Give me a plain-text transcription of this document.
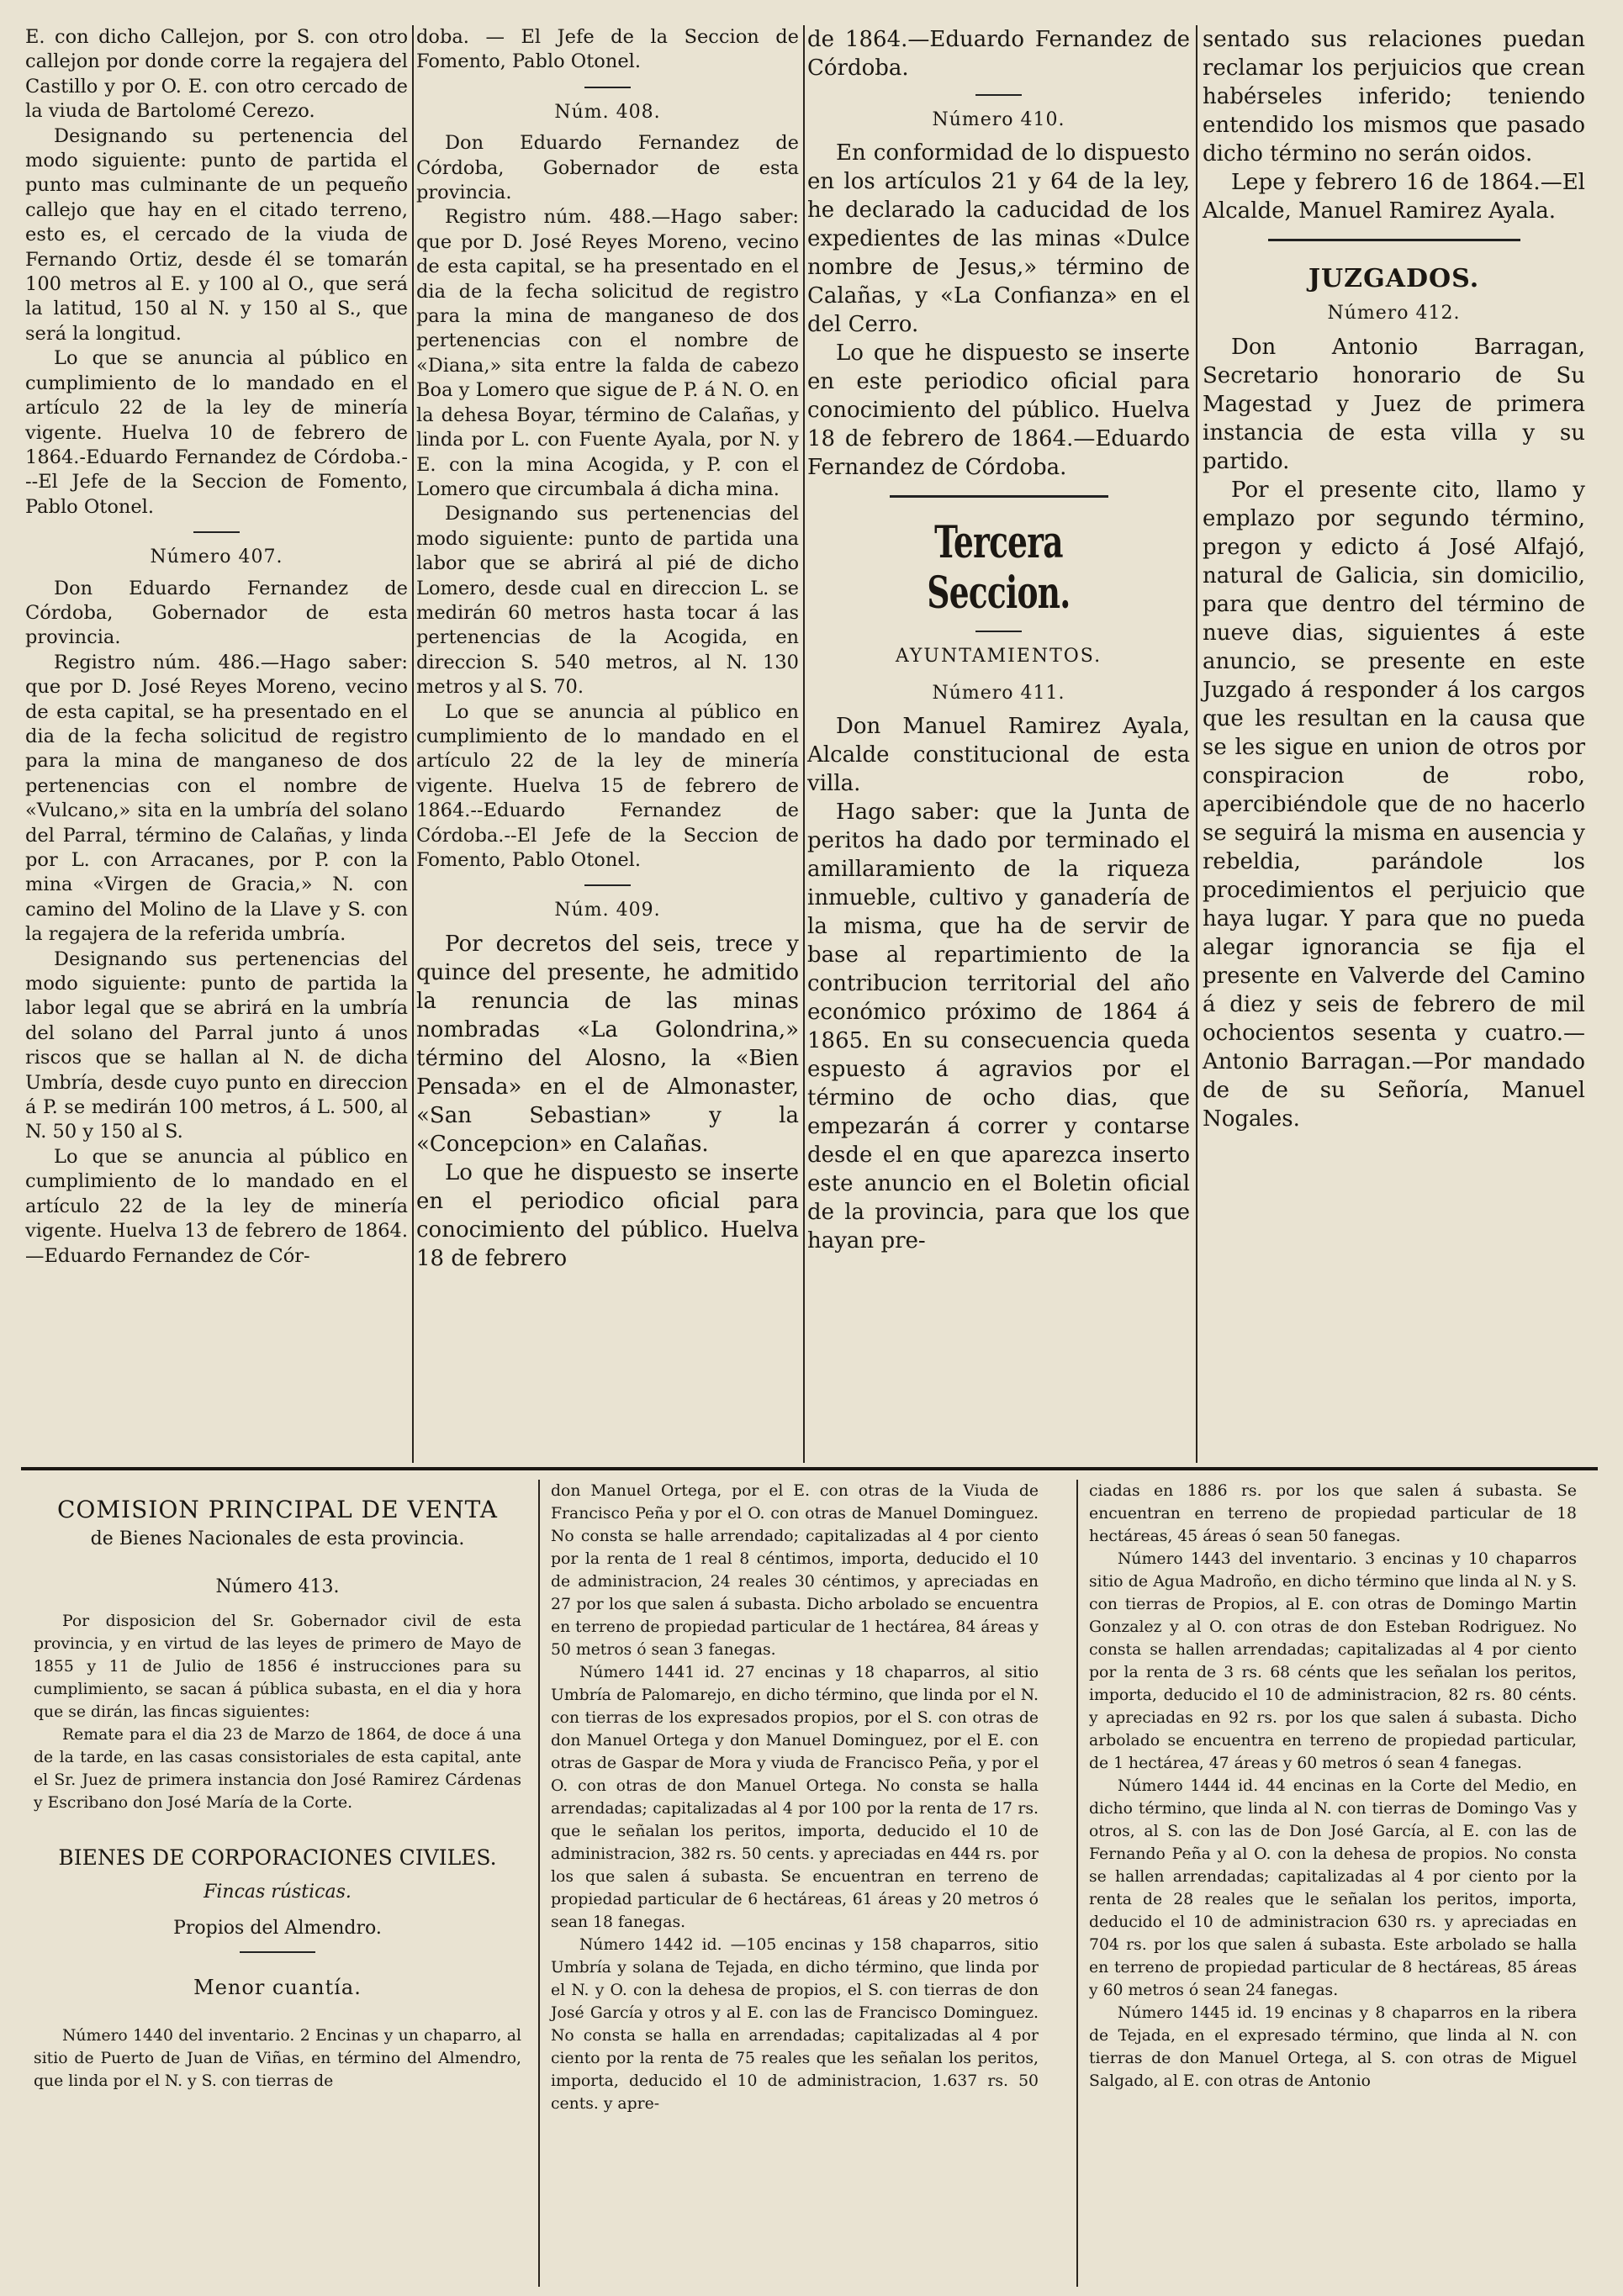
E. con dicho Callejon, por S. con otro callejon por donde corre la regajera del Castillo y por O. E. con otro cercado de la viuda de Bartolomé Cerezo.

Designando su pertenencia del modo siguiente: punto de partida el punto mas culminante de un pequeño callejo que hay en el citado terreno, esto es, el cercado de la viuda de Fernando Ortiz, desde él se tomarán 100 metros al E. y 100 al O., que será la latitud, 150 al N. y 150 al S., que será la longitud.

Lo que se anuncia al público en cumplimiento de lo mandado en el artículo 22 de la ley de minería vigente. Huelva 10 de febrero de 1864.-Eduardo Fernandez de Córdoba.---El Jefe de la Seccion de Fomento, Pablo Otonel.

Número 407.

Don Eduardo Fernandez de Córdoba, Gobernador de esta provincia.

Registro núm. 486.—Hago saber: que por D. José Reyes Moreno, vecino de esta capital, se ha presentado en el dia de la fecha solicitud de registro para la mina de manganeso de dos pertenencias con el nombre de «Vulcano,» sita en la umbría del solano del Parral, término de Calañas, y linda por L. con Arracanes, por P. con la mina «Virgen de Gracia,» N. con camino del Molino de la Llave y S. con la regajera de la referida umbría.

Designando sus pertenencias del modo siguiente: punto de partida la labor legal que se abrirá en la umbría del solano del Parral junto á unos riscos que se hallan al N. de dicha Umbría, desde cuyo punto en direccion á P. se medirán 100 metros, á L. 500, al N. 50 y 150 al S.

Lo que se anuncia al público en cumplimiento de lo mandado en el artículo 22 de la ley de minería vigente. Huelva 13 de febrero de 1864.—Eduardo Fernandez de Cór-

doba. — El Jefe de la Seccion de Fomento, Pablo Otonel.

Núm. 408.

Don Eduardo Fernandez de Córdoba, Gobernador de esta provincia.

Registro núm. 488.—Hago saber: que por D. José Reyes Moreno, vecino de esta capital, se ha presentado en el dia de la fecha solicitud de registro para la mina de manganeso de dos pertenencias con el nombre de «Diana,» sita entre la falda de cabezo Boa y Lomero que sigue de P. á N. O. en la dehesa Boyar, término de Calañas, y linda por L. con Fuente Ayala, por N. y E. con la mina Acogida, y P. con el Lomero que circumbala á dicha mina.

Designando sus pertenencias del modo siguiente: punto de partida una labor que se abrirá al pié de dicho Lomero, desde cual en direccion L. se medirán 60 metros hasta tocar á las pertenencias de la Acogida, en direccion S. 540 metros, al N. 130 metros y al S. 70.

Lo que se anuncia al público en cumplimiento de lo mandado en el artículo 22 de la ley de minería vigente. Huelva 15 de febrero de 1864.--Eduardo Fernandez de Córdoba.--El Jefe de la Seccion de Fomento, Pablo Otonel.

Núm. 409.

Por decretos del seis, trece y quince del presente, he admitido la renuncia de las minas nombradas «La Golondrina,» término del Alosno, la «Bien Pensada» en el de Almonaster, «San Sebastian» y la «Concepcion» en Calañas.

Lo que he dispuesto se inserte en el periodico oficial para conocimiento del público. Huelva 18 de febrero

de 1864.—Eduardo Fernandez de Córdoba.

Número 410.

En conformidad de lo dispuesto en los artículos 21 y 64 de la ley, he declarado la caducidad de los expedientes de las minas «Dulce nombre de Jesus,» término de Calañas, y «La Confianza» en el del Cerro.

Lo que he dispuesto se inserte en este periodico oficial para conocimiento del público. Huelva 18 de febrero de 1864.—Eduardo Fernandez de Córdoba.

Tercera Seccion.
AYUNTAMIENTOS.
Número 411.

Don Manuel Ramirez Ayala, Alcalde constitucional de esta villa.

Hago saber: que la Junta de peritos ha dado por terminado el amillaramiento de la riqueza inmueble, cultivo y ganadería de la misma, que ha de servir de base al repartimiento de la contribucion territorial del año económico próximo de 1864 á 1865. En su consecuencia queda espuesto á agravios por el término de ocho dias, que empezarán á correr y contarse desde el en que aparezca inserto este anuncio en el Boletin oficial de la provincia, para que los que hayan pre-

sentado sus relaciones puedan reclamar los perjuicios que crean habérseles inferido; teniendo entendido los mismos que pasado dicho término no serán oidos.

Lepe y febrero 16 de 1864.—El Alcalde, Manuel Ramirez Ayala.

JUZGADOS.
Número 412.

Don Antonio Barragan, Secretario honorario de Su Magestad y Juez de primera instancia de esta villa y su partido.

Por el presente cito, llamo y emplazo por segundo término, pregon y edicto á José Alfajó, natural de Galicia, sin domicilio, para que dentro del término de nueve dias, siguientes á este anuncio, se presente en este Juzgado á responder á los cargos que les resultan en la causa que se les sigue en union de otros por conspiracion de robo, apercibiéndole que de no hacerlo se seguirá la misma en ausencia y rebeldia, parándole los procedimientos el perjuicio que haya lugar. Y para que no pueda alegar ignorancia se fija el presente en Valverde del Camino á diez y seis de febrero de mil ochocientos sesenta y cuatro.—Antonio Barragan.—Por mandado de de su Señoría, Manuel Nogales.

COMISION PRINCIPAL DE VENTA
de Bienes Nacionales de esta provincia.
Número 413.

Por disposicion del Sr. Gobernador civil de esta provincia, y en virtud de las leyes de primero de Mayo de 1855 y 11 de Julio de 1856 é instrucciones para su cumplimiento, se sacan á pública subasta, en el dia y hora que se dirán, las fincas siguientes:

Remate para el dia 23 de Marzo de 1864, de doce á una de la tarde, en las casas consistoriales de esta capital, ante el Sr. Juez de primera instancia don José Ramirez Cárdenas y Escribano don José María de la Corte.

BIENES DE CORPORACIONES CIVILES.
Fincas rústicas.
Propios del Almendro.
Menor cuantía.

Número 1440 del inventario. 2 Encinas y un chaparro, al sitio de Puerto de Juan de Viñas, en término del Almendro, que linda por el N. y S. con tierras de

don Manuel Ortega, por el E. con otras de la Viuda de Francisco Peña y por el O. con otras de Manuel Dominguez. No consta se halle arrendado; capitalizadas al 4 por ciento por la renta de 1 real 8 céntimos, importa, deducido el 10 de administracion, 24 reales 30 céntimos, y apreciadas en 27 por los que salen á subasta. Dicho arbolado se encuentra en terreno de propiedad particular de 1 hectárea, 84 áreas y 50 metros ó sean 3 fanegas.

Número 1441 id. 27 encinas y 18 chaparros, al sitio Umbría de Palomarejo, en dicho término, que linda por el N. con tierras de los expresados propios, por el S. con otras de don Manuel Ortega y don Manuel Dominguez, por el E. con otras de Gaspar de Mora y viuda de Francisco Peña, y por el O. con otras de don Manuel Ortega. No consta se halla arrendadas; capitalizadas al 4 por 100 por la renta de 17 rs. que le señalan los peritos, importa, deducido el 10 de administracion, 382 rs. 50 cents. y apreciadas en 444 rs. por los que salen á subasta. Se encuentran en terreno de propiedad particular de 6 hectáreas, 61 áreas y 20 metros ó sean 18 fanegas.

Número 1442 id. —105 encinas y 158 chaparros, sitio Umbría y solana de Tejada, en dicho término, que linda por el N. y O. con la dehesa de propios, el S. con tierras de don José García y otros y al E. con las de Francisco Dominguez. No consta se halla en arrendadas; capitalizadas al 4 por ciento por la renta de 75 reales que les señalan los peritos, importa, deducido el 10 de administracion, 1.637 rs. 50 cents. y apre-

ciadas en 1886 rs. por los que salen á subasta. Se encuentran en terreno de propiedad particular de 18 hectáreas, 45 áreas ó sean 50 fanegas.

Número 1443 del inventario. 3 encinas y 10 chaparros sitio de Agua Madroño, en dicho término que linda al N. y S. con tierras de Propios, al E. con otras de Domingo Martin Gonzalez y al O. con otras de don Esteban Rodriguez. No consta se hallen arrendadas; capitalizadas al 4 por ciento por la renta de 3 rs. 68 cénts que les señalan los peritos, importa, deducido el 10 de administracion, 82 rs. 80 cénts. y apreciadas en 92 rs. por los que salen á subasta. Dicho arbolado se encuentra en terreno de propiedad particular, de 1 hectárea, 47 áreas y 60 metros ó sean 4 fanegas.

Número 1444 id. 44 encinas en la Corte del Medio, en dicho término, que linda al N. con tierras de Domingo Vas y otros, al S. con las de Don José García, al E. con las de Fernando Peña y al O. con la dehesa de propios. No consta se hallen arrendadas; capitalizadas al 4 por ciento por la renta de 28 reales que le señalan los peritos, importa, deducido el 10 de administracion 630 rs. y apreciadas en 704 rs. por los que salen á subasta. Este arbolado se halla en terreno de propiedad particular de 8 hectáreas, 85 áreas y 60 metros ó sean 24 fanegas.

Número 1445 id. 19 encinas y 8 chaparros en la ribera de Tejada, en el expresado término, que linda al N. con tierras de don Manuel Ortega, al S. con otras de Miguel Salgado, al E. con otras de Antonio
